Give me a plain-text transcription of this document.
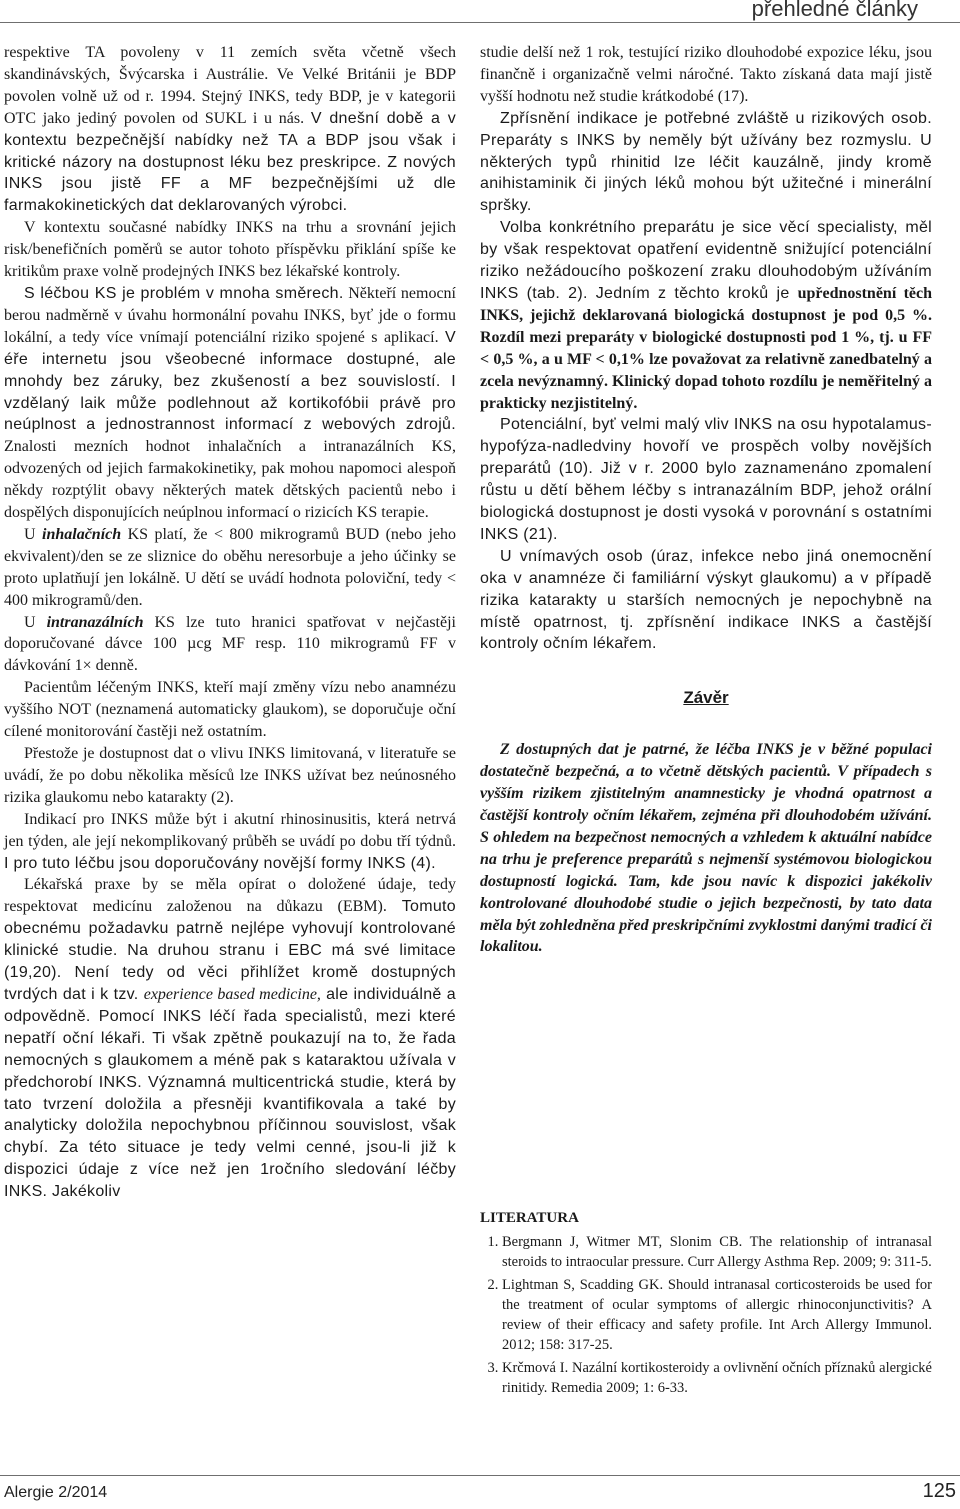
přehledné články

respektive TA povoleny v 11 zemích světa včetně všech skandinávských, Švýcarska i Austrálie. Ve Velké Británii je BDP povolen volně už od r. 1994. Stejný INKS, tedy BDP, je v kategorii OTC jako jediný povolen od SUKL i u nás. V dnešní době a v kontextu bezpečnější nabídky než TA a BDP jsou však i kritické názory na dostupnost léku bez preskripce. Z nových INKS jsou jistě FF a MF bezpečnějšími už dle farmakokinetických dat deklarovaných výrobci.

V kontextu současné nabídky INKS na trhu a srovnání jejich risk/benefičních poměrů se autor tohoto příspěvku přiklání spíše ke kritikům praxe volně prodejných INKS bez lékařské kontroly.

S léčbou KS je problém v mnoha směrech. Někteří nemocní berou nadměrně v úvahu hormonální povahu INKS, byť jde o formu lokální, a tedy více vnímají potenciální riziko spojené s aplikací. V éře internetu jsou všeobecné informace dostupné, ale mnohdy bez záruky, bez zkušeností a bez souvislostí. I vzdělaný laik může podlehnout až kortikofóbii právě pro neúplnost a jednostrannost informací z webových zdrojů. Znalosti mezních hodnot inhalačních a intranazálních KS, odvozených od jejich farmakokinetiky, pak mohou napomoci alespoň někdy rozptýlit obavy některých matek dětských pacientů nebo i dospělých disponujících neúplnou informací o rizicích KS terapie.

U inhalačních KS platí, že < 800 mikrogramů BUD (nebo jeho ekvivalent)/den se ze sliznice do oběhu neresorbuje a jeho účinky se proto uplatňují jen lokálně. U dětí se uvádí hodnota poloviční, tedy < 400 mikrogramů/den.

U intranazálních KS lze tuto hranici spatřovat v nejčastěji doporučované dávce 100 µcg MF resp. 110 mikrogramů FF v dávkování 1× denně.

Pacientům léčeným INKS, kteří mají změny vízu nebo anamnézu vyššího NOT (neznamená automaticky glaukom), se doporučuje oční cílené monitorování častěji než ostatním.

Přestože je dostupnost dat o vlivu INKS limitovaná, v literatuře se uvádí, že po dobu několika měsíců lze INKS užívat bez neúnosného rizika glaukomu nebo katarakty (2).

Indikací pro INKS může být i akutní rhinosinusitis, která netrvá jen týden, ale její nekomplikovaný průběh se uvádí po dobu tří týdnů. I pro tuto léčbu jsou doporučovány novější formy INKS (4).

Lékařská praxe by se měla opírat o doložené údaje, tedy respektovat medicínu založenou na důkazu (EBM). Tomuto obecnému požadavku patrně nejlépe vyhovují kontrolované klinické studie. Na druhou stranu i EBC má své limitace (19,20). Není tedy od věci přihlížet kromě dostupných tvrdých dat i k tzv. experience based medicine, ale individuálně a odpovědně. Pomocí INKS léčí řada specialistů, mezi které nepatří oční lékaři. Ti však zpětně poukazují na to, že řada nemocných s glaukomem a méně pak s kataraktou užívala v předchorobí INKS. Významná multicentrická studie, která by tato tvrzení doložila a přesněji kvantifikovala a také by analyticky doložila nepochybnou příčinnou souvislost, však chybí. Za této situace je tedy velmi cenné, jsou-li již k dispozici údaje z více než jen 1ročního sledování léčby INKS. Jakékoliv

studie delší než 1 rok, testující riziko dlouhodobé expozice léku, jsou finančně i organizačně velmi náročné. Takto získaná data mají jistě vyšší hodnotu než studie krátkodobé (17).

Zpřísnění indikace je potřebné zvláště u rizikových osob. Preparáty s INKS by neměly být užívány bez rozmyslu. U některých typů rhinitid lze léčit kauzálně, jindy kromě anihistaminik či jiných léků mohou být užitečné i minerální spršky.

Volba konkrétního preparátu je sice věcí specialisty, měl by však respektovat opatření evidentně snižující potenciální riziko nežádoucího poškození zraku dlouhodobým užíváním INKS (tab. 2). Jedním z těchto kroků je upřednostnění těch INKS, jejichž deklarovaná biologická dostupnost je pod 0,5 %. Rozdíl mezi preparáty v biologické dostupnosti pod 1 %, tj. u FF < 0,5 %, a u MF < 0,1% lze považovat za relativně zanedbatelný a zcela nevýznamný. Klinický dopad tohoto rozdílu je neměřitelný a prakticky nezjistitelný.

Potenciální, byť velmi malý vliv INKS na osu hypotalamus-hypofýza-nadledviny hovoří ve prospěch volby novějších preparátů (10). Již v r. 2000 bylo zaznamenáno zpomalení růstu u dětí během léčby s intranazálním BDP, jehož orální biologická dostupnost je dosti vysoká v porovnání s ostatními INKS (21).

U vnímavých osob (úraz, infekce nebo jiná onemocnění oka v anamnéze či familiární výskyt glaukomu) a v případě rizika katarakty u starších nemocných je nepochybně na místě opatrnost, tj. zpřísnění indikace INKS a častější kontroly očním lékařem.

Závěr

Z dostupných dat je patrné, že léčba INKS je v běžné populaci dostatečně bezpečná, a to včetně dětských pacientů. V případech s vyšším rizikem zjistitelným anamnesticky je vhodná opatrnost a častější kontroly očním lékařem, zejména při dlouhodobém užívání. S ohledem na bezpečnost nemocných a vzhledem k aktuální nabídce na trhu je preference preparátů s nejmenší systémovou biologickou dostupností logická. Tam, kde jsou navíc k dispozici jakékoliv kontrolované dlouhodobé studie o jejich bezpečnosti, by tato data měla být zohledněna před preskripčními zvyklostmi danými tradicí či lokalitou.

LITERATURA
1. Bergmann J, Witmer MT, Slonim CB. The relationship of intranasal steroids to intraocular pressure. Curr Allergy Asthma Rep. 2009; 9: 311-5.
2. Lightman S, Scadding GK. Should intranasal corticosteroids be used for the treatment of ocular symptoms of allergic rhinoconjunctivitis? A review of their efficacy and safety profile. Int Arch Allergy Immunol. 2012; 158: 317-25.
3. Krčmová I. Nazální kortikosteroidy a ovlivnění očních příznaků alergické rinitidy. Remedia 2009; 1: 6-33.
Alergie 2/2014	125
